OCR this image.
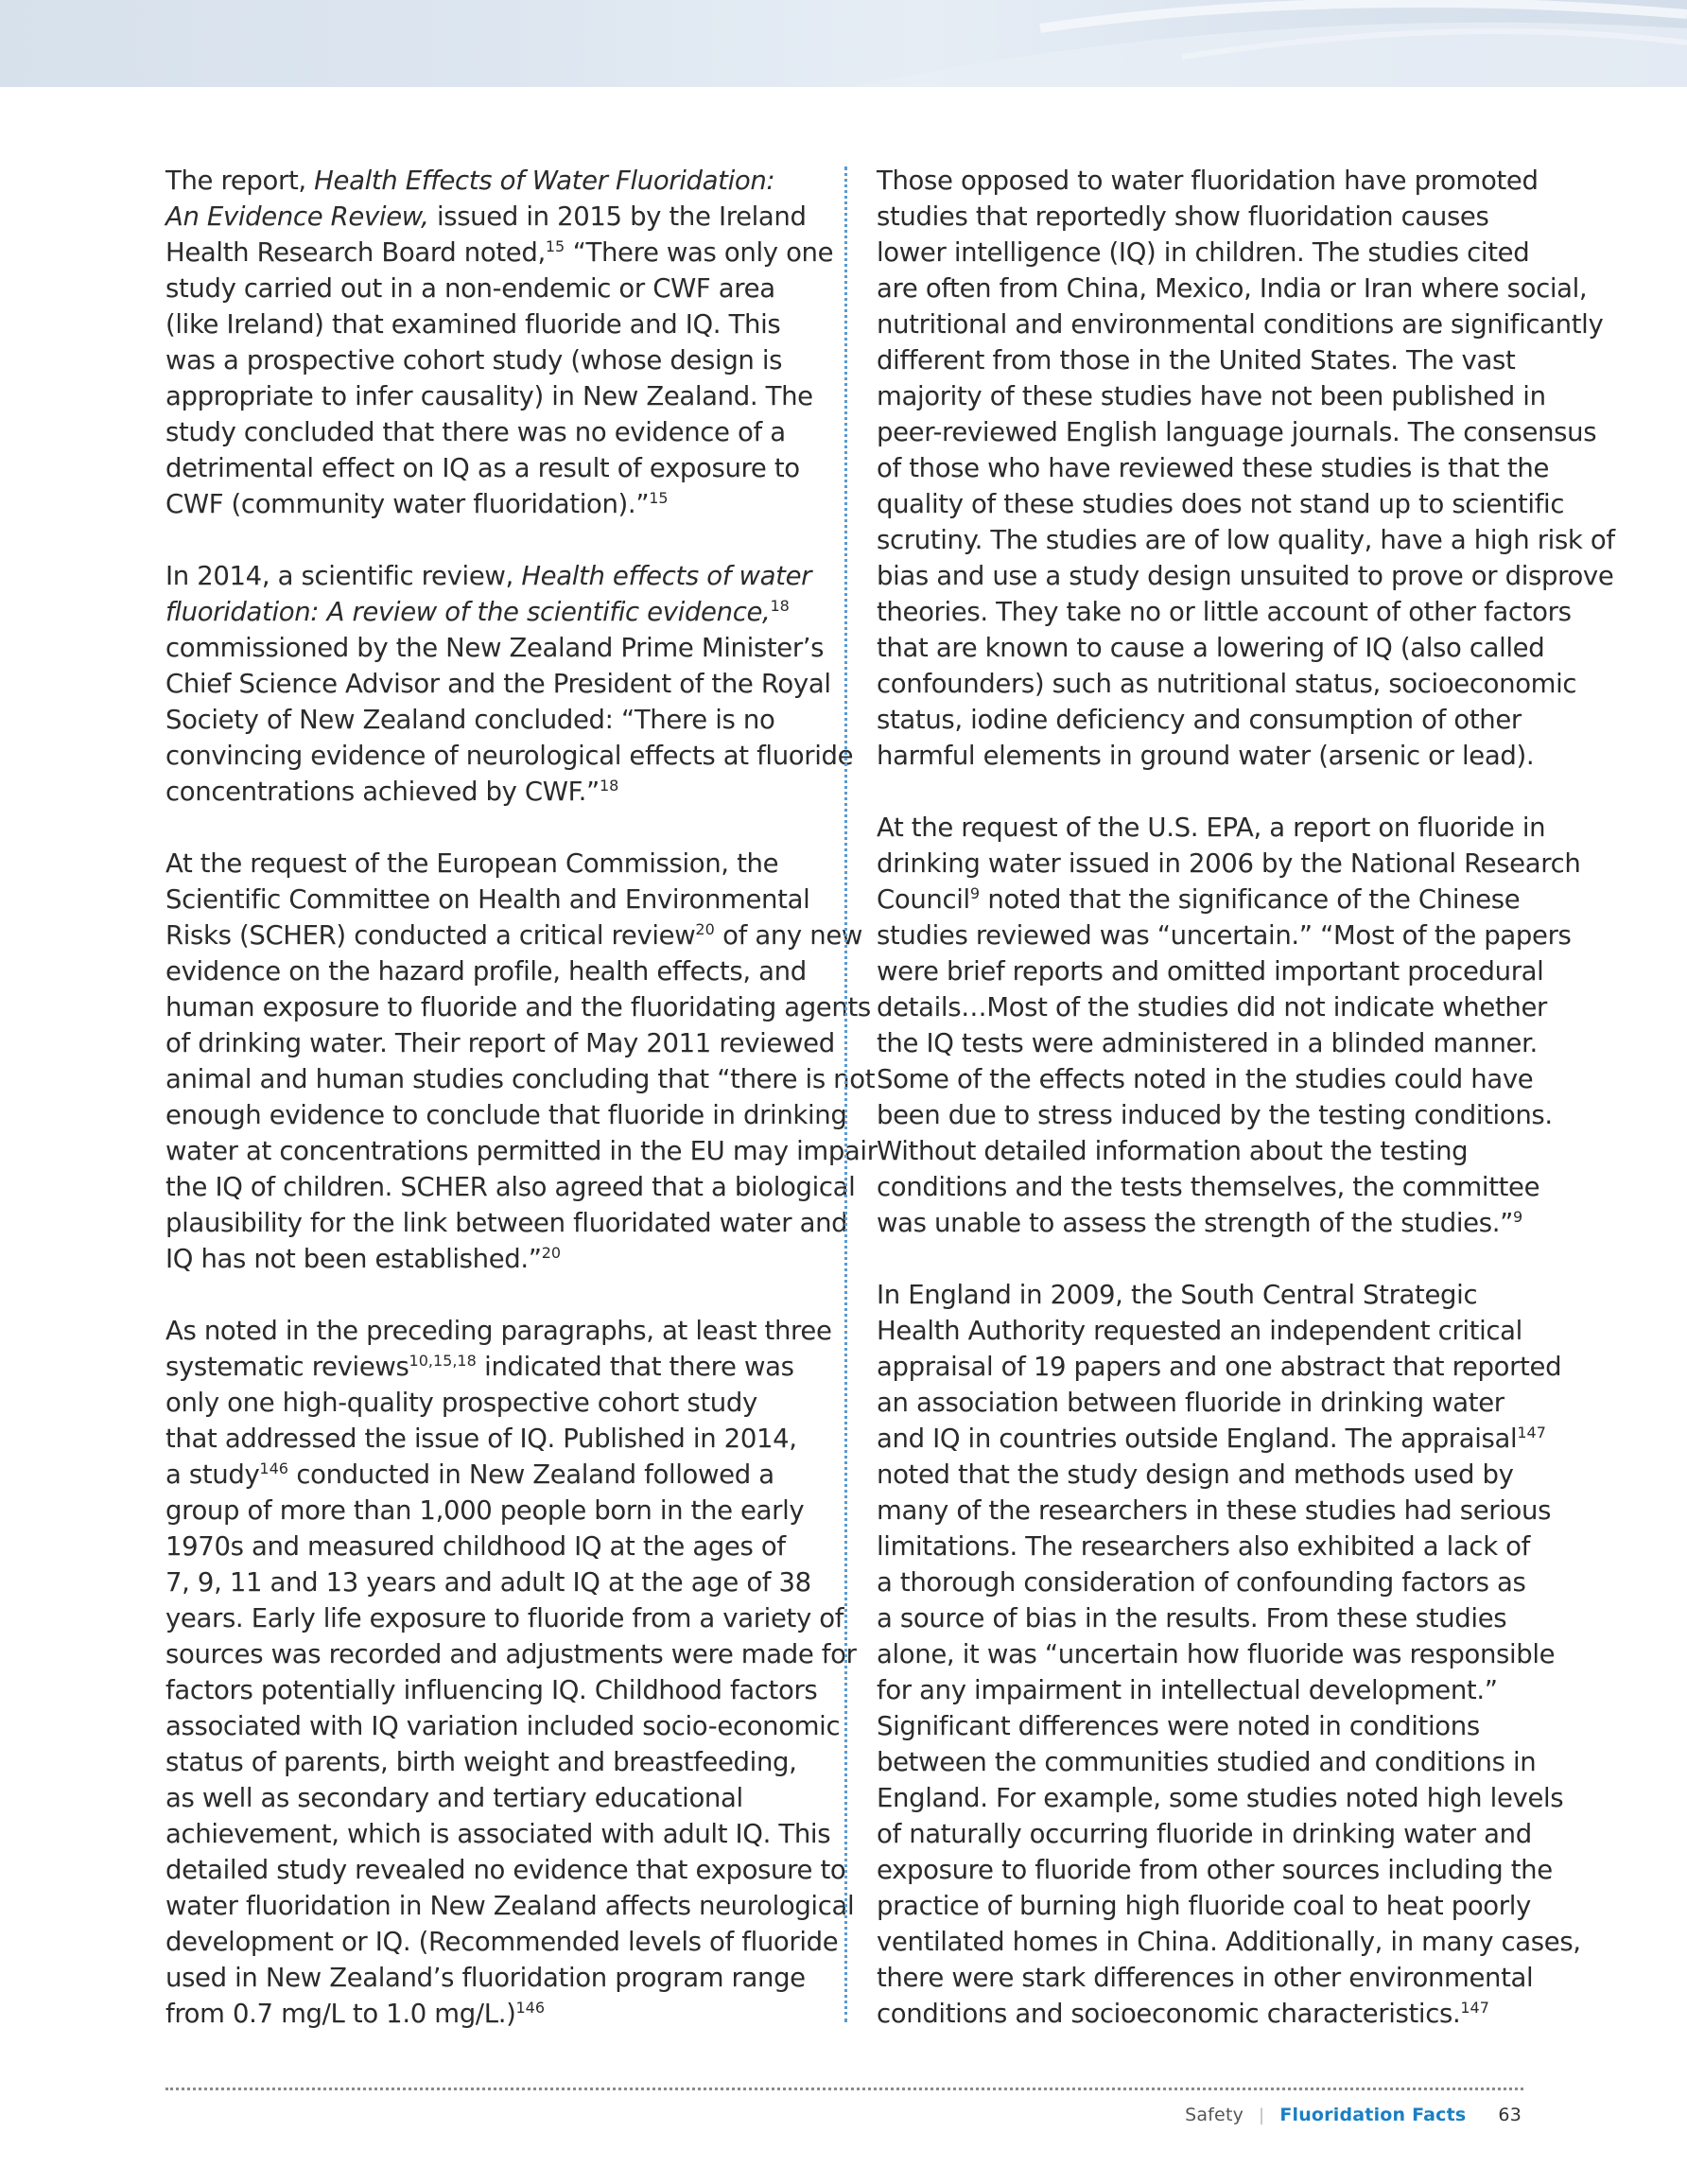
The report, Health Effects of Water Fluoridation:
An Evidence Review, issued in 2015 by the Ireland
Health Research Board noted,$^{15}$ “There was only one
study carried out in a non-endemic or CWF area
(like Ireland) that examined fluoride and IQ. This
was a prospective cohort study (whose design is
appropriate to infer causality) in New Zealand. The
study concluded that there was no evidence of a
detrimental effect on IQ as a result of exposure to
CWF (community water fluoridation).”$^{15}$
In 2014, a scientific review, Health effects of water
fluoridation: A review of the scientific evidence,$^{18}$
commissioned by the New Zealand Prime Minister’s
Chief Science Advisor and the President of the Royal
Society of New Zealand concluded: “There is no
convincing evidence of neurological effects at fluoride
concentrations achieved by CWF.”$^{18}$
At the request of the European Commission, the
Scientific Committee on Health and Environmental
Risks (SCHER) conducted a critical review$^{20}$ of any new
evidence on the hazard profile, health effects, and
human exposure to fluoride and the fluoridating agents
of drinking water. Their report of May 2011 reviewed
animal and human studies concluding that “there is not
enough evidence to conclude that fluoride in drinking
water at concentrations permitted in the EU may impair
the IQ of children. SCHER also agreed that a biological
plausibility for the link between fluoridated water and
IQ has not been established.”$^{20}$
As noted in the preceding paragraphs, at least three
systematic reviews$^{10,15,18}$ indicated that there was
only one high-quality prospective cohort study
that addressed the issue of IQ. Published in 2014,
a study$^{146}$ conducted in New Zealand followed a
group of more than 1,000 people born in the early
1970s and measured childhood IQ at the ages of
7, 9, 11 and 13 years and adult IQ at the age of 38
years. Early life exposure to fluoride from a variety of
sources was recorded and adjustments were made for
factors potentially influencing IQ. Childhood factors
associated with IQ variation included socio-economic
status of parents, birth weight and breastfeeding,
as well as secondary and tertiary educational
achievement, which is associated with adult IQ. This
detailed study revealed no evidence that exposure to
water fluoridation in New Zealand affects neurological
development or IQ. (Recommended levels of fluoride
used in New Zealand’s fluoridation program range
from 0.7 mg/L to 1.0 mg/L.)$^{146}$
Those opposed to water fluoridation have promoted
studies that reportedly show fluoridation causes
lower intelligence (IQ) in children. The studies cited
are often from China, Mexico, India or Iran where social,
nutritional and environmental conditions are significantly
different from those in the United States. The vast
majority of these studies have not been published in
peer-reviewed English language journals. The consensus
of those who have reviewed these studies is that the
quality of these studies does not stand up to scientific
scrutiny. The studies are of low quality, have a high risk of
bias and use a study design unsuited to prove or disprove
theories. They take no or little account of other factors
that are known to cause a lowering of IQ (also called
confounders) such as nutritional status, socioeconomic
status, iodine deficiency and consumption of other
harmful elements in ground water (arsenic or lead).
At the request of the U.S. EPA, a report on fluoride in
drinking water issued in 2006 by the National Research
Council$^9$ noted that the significance of the Chinese
studies reviewed was “uncertain.” “Most of the papers
were brief reports and omitted important procedural
details…Most of the studies did not indicate whether
the IQ tests were administered in a blinded manner.
Some of the effects noted in the studies could have
been due to stress induced by the testing conditions.
Without detailed information about the testing
conditions and the tests themselves, the committee
was unable to assess the strength of the studies.”$^9$
In England in 2009, the South Central Strategic
Health Authority requested an independent critical
appraisal of 19 papers and one abstract that reported
an association between fluoride in drinking water
and IQ in countries outside England. The appraisal$^{147}$
noted that the study design and methods used by
many of the researchers in these studies had serious
limitations. The researchers also exhibited a lack of
a thorough consideration of confounding factors as
a source of bias in the results. From these studies
alone, it was “uncertain how fluoride was responsible
for any impairment in intellectual development.”
Significant differences were noted in conditions
between the communities studied and conditions in
England. For example, some studies noted high levels
of naturally occurring fluoride in drinking water and
exposure to fluoride from other sources including the
practice of burning high fluoride coal to heat poorly
ventilated homes in China. Additionally, in many cases,
there were stark differences in other environmental
conditions and socioeconomic characteristics.$^{147}$
Safety | Fluoridation Facts 63
